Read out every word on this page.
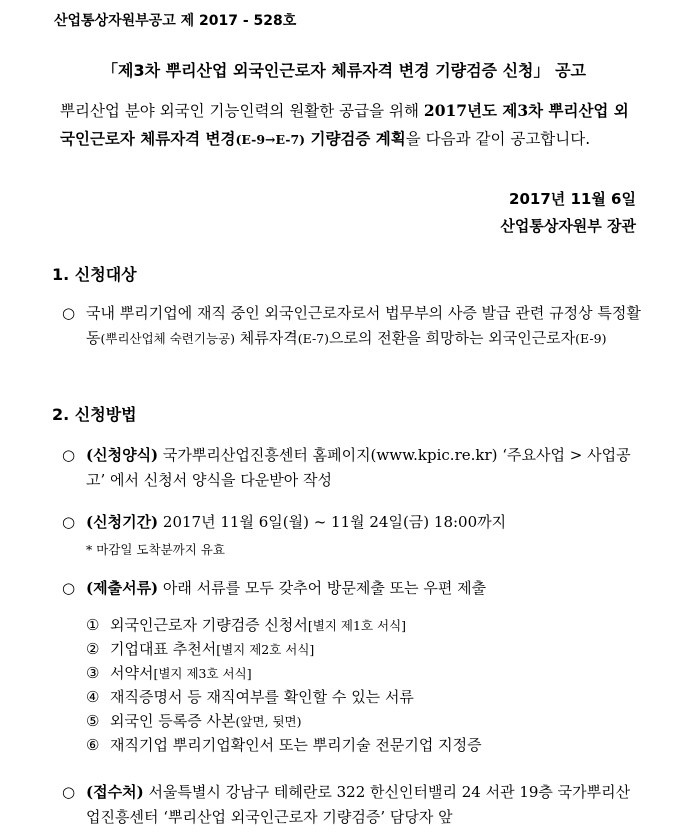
산업통상자원부공고 제 2017 - 528호
「제3차 뿌리산업 외국인근로자 체류자격 변경 기량검증 신청」 공고
뿌리산업 분야 외국인 기능인력의 원활한 공급을 위해 2017년도 제3차 뿌리산업 외국인근로자 체류자격 변경(E-9→E-7) 기량검증 계획을 다음과 같이 공고합니다.
2017년 11월 6일
산업통상자원부 장관
1. 신청대상
○ 국내 뿌리기업에 재직 중인 외국인근로자로서 법무부의 사증 발급 관련 규정상 특정활동(뿌리산업체 숙련기능공) 체류자격(E-7)으로의 전환을 희망하는 외국인근로자(E-9)
2. 신청방법
○ (신청양식) 국가뿌리산업진흥센터 홈페이지(www.kpic.re.kr) ‘주요사업 > 사업공고’ 에서 신청서 양식을 다운받아 작성
○ (신청기간) 2017년 11월 6일(월) ~ 11월 24일(금) 18:00까지
* 마감일 도착분까지 유효
○ (제출서류) 아래 서류를 모두 갖추어 방문제출 또는 우편 제출
① 외국인근로자 기량검증 신청서[별지 제1호 서식]
② 기업대표 추천서[별지 제2호 서식]
③ 서약서[별지 제3호 서식]
④ 재직증명서 등 재직여부를 확인할 수 있는 서류
⑤ 외국인 등록증 사본(앞면, 뒷면)
⑥ 재직기업 뿌리기업확인서 또는 뿌리기술 전문기업 지정증
○ (접수처) 서울특별시 강남구 테헤란로 322 한신인터밸리 24 서관 19층 국가뿌리산업진흥센터 ‘뿌리산업 외국인근로자 기량검증’ 담당자 앞
